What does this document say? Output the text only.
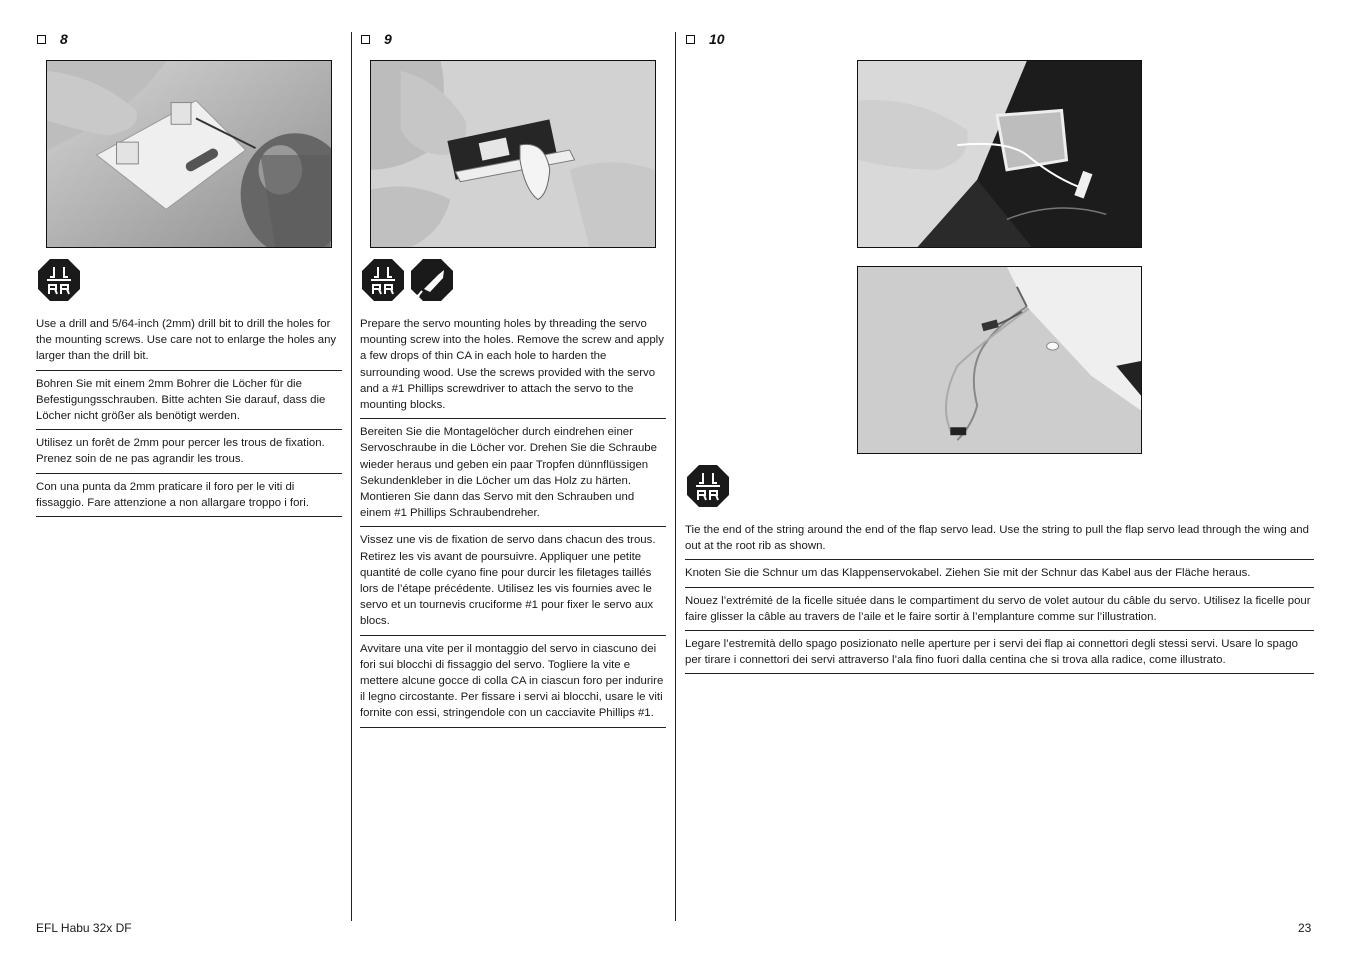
8
Use a drill and 5/64-inch (2mm) drill bit to drill the holes for the mounting screws. Use care not to enlarge the holes any larger than the drill bit.
Bohren Sie mit einem 2mm Bohrer die Löcher für die Befestigungsschrauben. Bitte achten Sie darauf, dass die Löcher nicht größer als benötigt werden.
Utilisez un forêt de 2mm pour percer les trous de fixation. Prenez soin de ne pas agrandir les trous.
Con una punta da 2mm praticare il foro per le viti di fissaggio. Fare attenzione a non allargare troppo i fori.
9
Prepare the servo mounting holes by threading the servo mounting screw into the holes. Remove the screw and apply a few drops of thin CA in each hole to harden the surrounding wood. Use the screws provided with the servo and a #1 Phillips screwdriver to attach the servo to the mounting blocks.
Bereiten Sie die Montagelöcher durch eindrehen einer Servoschraube in die Löcher vor. Drehen Sie die Schraube wieder heraus und geben ein paar Tropfen dünnflüssigen Sekundenkleber in die Löcher um das Holz zu härten. Montieren Sie dann das Servo mit den Schrauben und einem #1 Phillips Schraubendreher.
Vissez une vis de fixation de servo dans chacun des trous. Retirez les vis avant de poursuivre. Appliquer une petite quantité de colle cyano fine pour durcir les filetages taillés lors de l’étape précédente. Utilisez les vis fournies avec le servo et un tournevis cruciforme #1 pour fixer le servo aux blocs.
Avvitare una vite per il montaggio del servo in ciascuno dei fori sui blocchi di fissaggio del servo. Togliere la vite e mettere alcune gocce di colla CA in ciascun foro per indurire il legno circostante. Per fissare i servi ai blocchi, usare le viti fornite con essi, stringendole con un cacciavite Phillips #1.
10
Tie the end of the string around the end of the flap servo lead. Use the string to pull the flap servo lead through the wing and out at the root rib as shown.
Knoten Sie die Schnur um das Klappenservokabel. Ziehen Sie mit der Schnur das Kabel aus der Fläche heraus.
Nouez l’extrémité de la ficelle située dans le compartiment du servo de volet autour du câble du servo. Utilisez la ficelle pour faire glisser la câble au travers de l’aile et le faire sortir à l’emplanture comme sur l’illustration.
Legare l’estremità dello spago posizionato nelle aperture per i servi dei flap ai connettori degli stessi servi. Usare lo spago per tirare i connettori dei servi attraverso l’ala fino fuori dalla centina che si trova alla radice, come illustrato.
EFL Habu 32x DF	23
